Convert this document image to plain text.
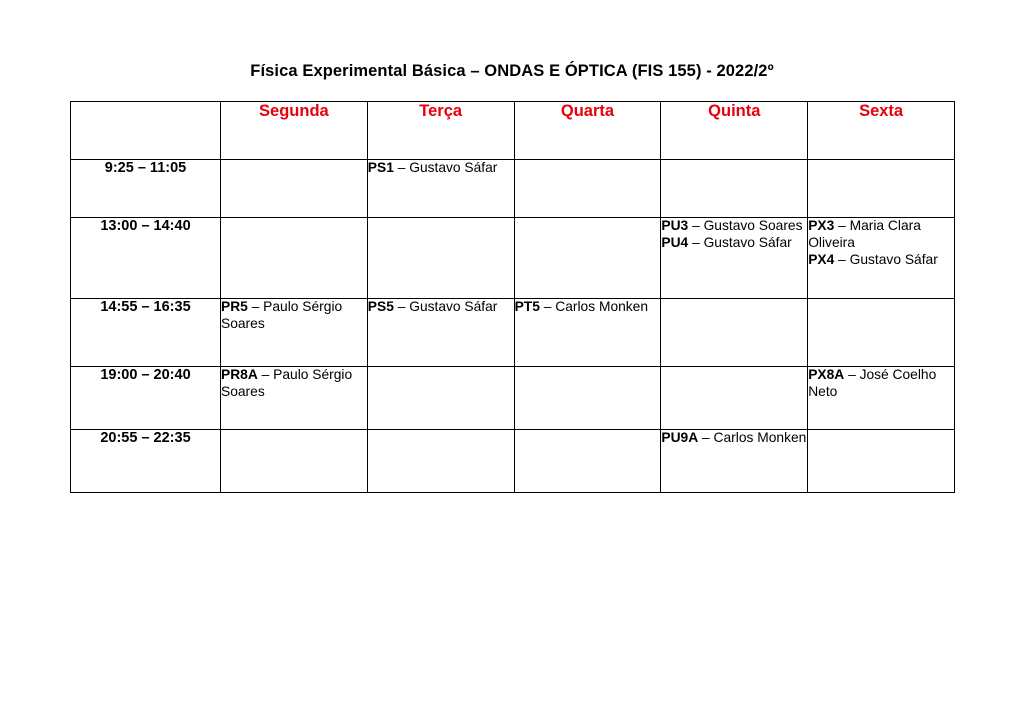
Física Experimental Básica – ONDAS E ÓPTICA (FIS 155) - 2022/2º
	Segunda	Terça	Quarta	Quinta	Sexta
9:25 – 11:05		PS1 – Gustavo Sáfar			

13:00 – 14:40				PU3 – Gustavo Soares
PU4 – Gustavo Sáfar	PX3 – Maria Clara Oliveira
PX4 – Gustavo Sáfar

14:55 – 16:35	PR5 – Paulo Sérgio Soares	PS5 – Gustavo Sáfar	PT5 – Carlos Monken		

19:00 – 20:40	PR8A – Paulo Sérgio Soares				PX8A – José Coelho Neto

20:55 – 22:35				PU9A – Carlos Monken	
